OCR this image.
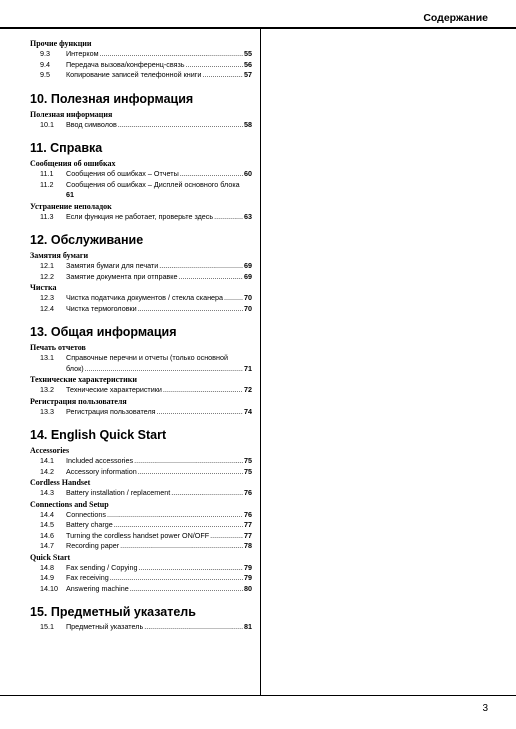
Содержание
Прочие функции
9.3	Интерком . . .	55
9.4	Передача вызова/конференц-связь . . .	56
9.5	Копирование записей телефонной книги . . .	57
10. Полезная информация
Полезная информация
10.1	Ввод символов . . .	58
11. Справка
Сообщения об ошибках
11.1	Сообщения об ошибках – Отчеты . . .	60
11.2	Сообщения об ошибках – Дисплей основного блока
61
Устранение неполадок
11.3	Если функция не работает, проверьте здесь . . .	63
12. Обслуживание
Замятия бумаги
12.1	Замятия бумаги для печати . . .	69
12.2	Замятие документа при отправке . . .	69
Чистка
12.3	Чистка податчика документов / стекла сканера . . .	70
12.4	Чистка термоголовки . . .	70
13. Общая информация
Печать отчетов
13.1	Справочные перечни и отчеты (только основной
блок) . . .	71
Технические характеристики
13.2	Технические характеристики . . .	72
Регистрация пользователя
13.3	Регистрация пользователя . . .	74
14. English Quick Start
Accessories
14.1	Included accessories . . .	75
14.2	Accessory information . . .	75
Cordless Handset
14.3	Battery installation / replacement . . .	76
Connections and Setup
14.4	Connections . . .	76
14.5	Battery charge . . .	77
14.6	Turning the cordless handset power ON/OFF . . .	77
14.7	Recording paper . . .	78
Quick Start
14.8	Fax sending / Copying . . .	79
14.9	Fax receiving . . .	79
14.10	Answering machine . . .	80
15. Предметный указатель
15.1	Предметный указатель . . .	81
3
